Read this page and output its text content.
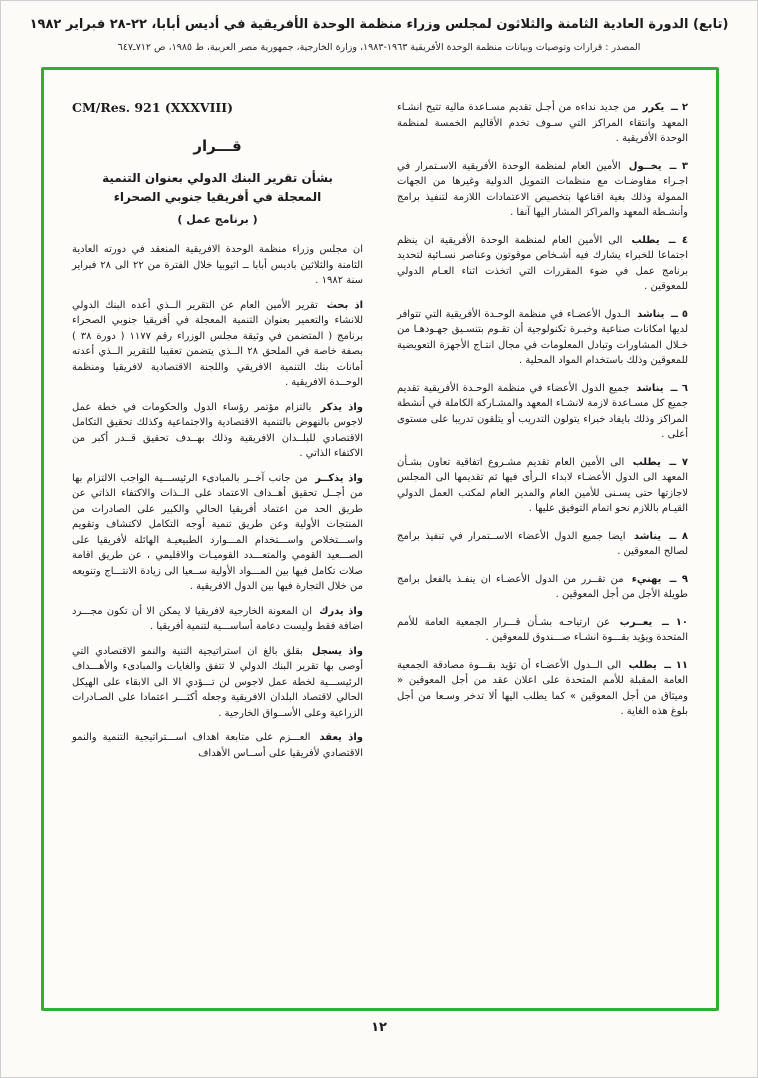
(تابع) الدورة العادية الثامنة والثلاثون لمجلس وزراء منظمة الوحدة الأفريقية في أديس أبابا، ٢٢-٢٨ فبراير ١٩٨٢
المصدر : قرارات وتوصيات وبيانات منظمة الوحدة الأفريقية ١٩٦٣-١٩٨٣، وزارة الخارجية، جمهورية مصر العربية، ط ١٩٨٥، ص ٧١٢ـ٦٤٧

٢ ــ يكرر من جديد نداءه من أجـل تقديم مسـاعدة مالية تتيح انشـاء المعهد وانتقاء المراكز التي سـوف تخدم الأقاليم الخمسة لمنظمة الوحدة الأفريقية .

٣ ــ يخــول الأمين العام لمنظمة الوحدة الأفريقية الاسـتمرار في اجـراء مفاوضـات مع منظمات التمويل الدولية وغيرها من الجهات الممولة وذلك بغية اقناعها بتخصيص الاعتمادات اللازمة لتنفيذ برامج وأنشـطة المعهد والمراكز المشار اليها آنفا .

٤ ــ يطلب الى الأمين العام لمنظمة الوحدة الأفريقية ان ينظم اجتماعا للخبراء يشارك فيه أشـخاص موقوتون وعناصر نسـائية لتحديد برنامج عمل في ضوء المقررات التي اتخذت اثناء العـام الدولي للمعوقين .

٥ ــ يناشد الـدول الأعضـاء في منظمة الوحـدة الأفريقية التي تتوافر لديها امكانات صناعية وخبـرة تكنولوجية أن تقـوم بتنسـيق جهـودهـا من خـلال المشاورات وتبادل المعلومات في مجال انتـاج الأجهزة التعويضية للمعوقين وذلك باستخدام المواد المحلية .

٦ ــ يناشد جميع الدول الأعضاء في منظمة الوحـدة الأفريقية تقديم جميع كل مسـاعدة لازمة لانشـاء المعهد والمشـاركة الكاملة في أنشطة المراكز وذلك بايفاد خبراء يتولون التدريب أو يتلقون تدريبا على مستوى أعلى .

٧ ــ يطلب الى الأمين العام تقديم مشـروع اتفاقية تعاون بشـأن المعهد الى الدول الأعضـاء لابداء الـرأى فيها ثم تقديمها الى المجلس لاجازتها حتى يسـنى للأمين العام والمدير العام لمكتب العمل الدولي القيـام باللازم نحو اتمام التوفيق عليها .

٨ ــ يناشد ايضا جميع الدول الأعضاء الاســتمرار في تنفيذ برامج لصالح المعوقين .

٩ ــ يهنيء من تقــرر من الدول الأعضـاء ان ينفـذ بالفعل برامج طويلة الأجل من أجل المعوقين .

١٠ ــ يعــرب عن ارتياحـه بشـأن قـــرار الجمعية العامة للأمم المتحدة ويؤيد بقـــوة انشـاء صـــندوق للمعوقين .

١١ ــ يطلب الى الــدول الأعضـاء أن تؤيد بقـــوة مصادقة الجمعية العامة المقبلة للأمم المتحدة على اعلان عقد من أجل المعوقين « وميثاق من أجل المعوقين » كما يطلب اليها ألا تدخر وسـعا من أجل بلوغ هذه الغاية .

CM/Res. 921 (XXXVIII)
قـــرار
بشأن تقرير البنك الدولي بعنوان التنمية المعجلة في أفريقيا جنوبي الصحراء
( برنامج عمل )

ان مجلس وزراء منظمة الوحدة الافريقية المنعقد في دورته العادية الثامنة والثلاثين باديس أبابا ــ اثيوبيا خلال الفترة من ٢٢ الى ٢٨ فبراير سنة ١٩٨٢ .

اذ بحث تقرير الأمين العام عن التقرير الــذي أعده البنك الدولي للانشاء والتعمير بعنوان التنمية المعجلة في أفريقيا جنوبي الصحراء برنامج ( المتضمن في وثيقة مجلس الوزراء رقم ١١٧٧ ( دورة ٣٨ ) بصفة خاصة في الملحق ٢٨ الــذي يتضمن تعقيبا للتقرير الــذي أعدته أمانات بنك التنمية الافريقي واللجنة الاقتصادية لافريقيا ومنظمة الوحــدة الافريقية .

واذ يذكر بالتزام مؤتمر رؤساء الدول والحكومات في خطة عمل لاجوس بالنهوض بالتنمية الاقتصادية والاجتماعية وكذلك تحقيق التكامل الاقتصادي للبلــدان الافريقية وذلك بهــدف تحقيق قــدر أكبر من الاكتفاء الذاتي .

واذ يذكــر من جانب آخــر بالمبادىء الرئيســـية الواجب الالتزام بها من أجــل تحقيق أهــداف الاعتماد على الــذات والاكتفاء الذاتي عن طريق الحد من اعتماد أفريقيا الحالي والكبير على الصادرات من المنتجات الأولية وعن طريق تنمية أوجه التكامل لاكتشاف وتقويم واســـتخلاص واســـتخدام المـــوارد الطبيعيـة الهائلة لأفريقيا على الصـــعيد القومي والمتعـــدد القوميـات والاقليمي ، عن طريق اقامة صلات تكامل فيها بين المـــواد الأولية ســعيا الى زيادة الانتـــاج وتنويعه من خلال التجارة فيها بين الدول الافريقية .

واذ يدرك ان المعونة الخارجية لافريقيا لا يمكن الا أن تكون مجـــرد اضافة فقط وليست دعامة أساســـية لتنمية أفريقيا .

واذ يسجل بقلق بالغ ان استراتيجية التنية والنمو الاقتصادي التي أوصى بها تقرير البنك الدولي لا تتفق والغايات والمبادىء والأهـــداف الرئيســـية لخطة عمل لاجوس لن تـــؤدي الا الى الابقاء على الهيكل الحالي لاقتصاد البلدان الافريقية وجعله أكثـــر اعتمادا على الصـادرات الزراعية وعلى الأســواق الخارجية .

واذ يعقد العـــزم على متابعة اهداف اســـتراتيجية التنمية والنمو الاقتصادي لأفريقيا على أســاس الأهداف

١٢
